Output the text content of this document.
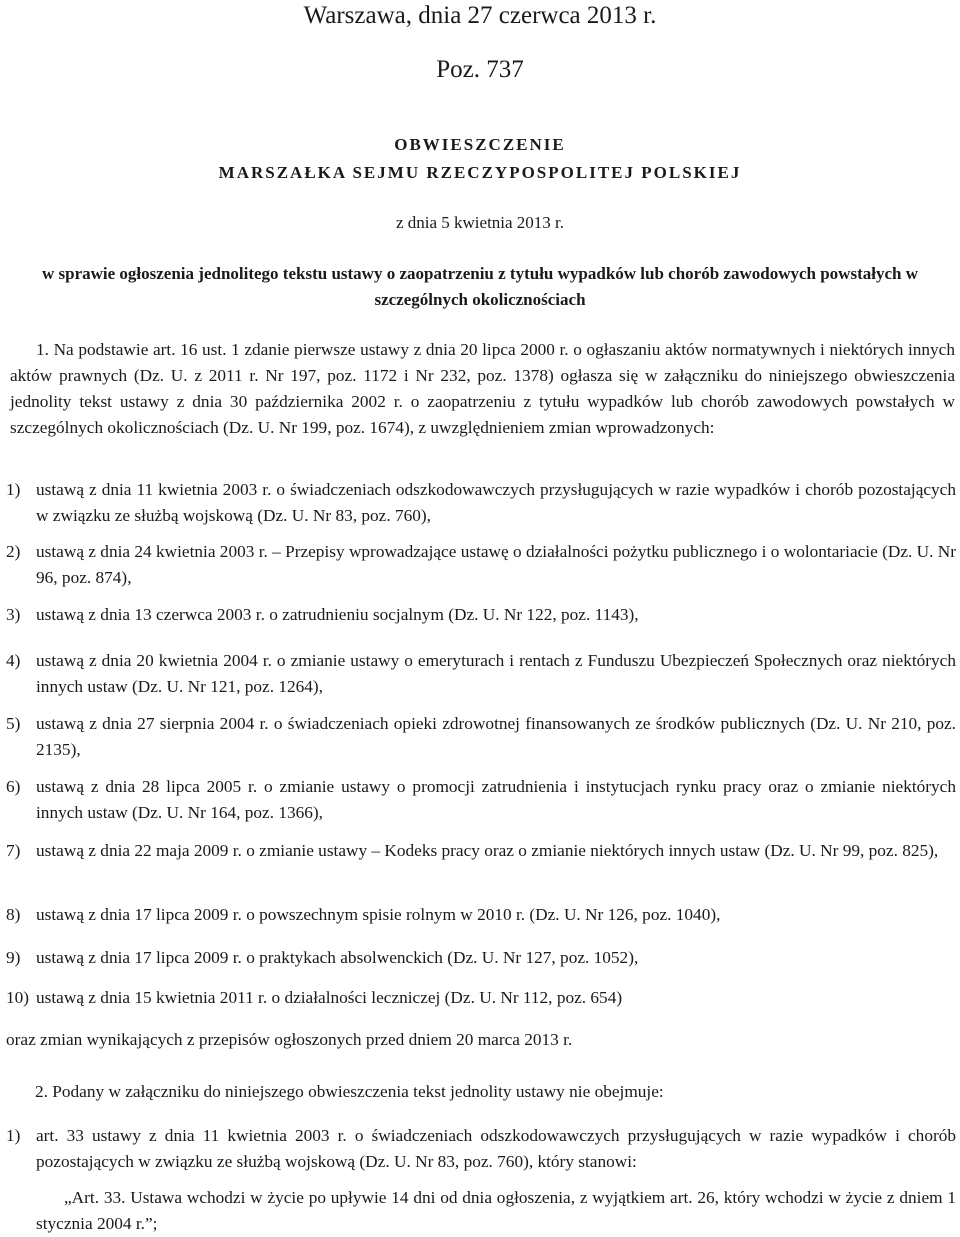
Warszawa, dnia 27 czerwca 2013 r.
Poz. 737
OBWIESZCZENIE
MARSZAŁKA SEJMU RZECZYPOSPOLITEJ POLSKIEJ
z dnia 5 kwietnia 2013 r.
w sprawie ogłoszenia jednolitego tekstu ustawy o zaopatrzeniu z tytułu wypadków lub chorób zawodowych powstałych w szczególnych okolicznościach
1. Na podstawie art. 16 ust. 1 zdanie pierwsze ustawy z dnia 20 lipca 2000 r. o ogłaszaniu aktów normatywnych i niektórych innych aktów prawnych (Dz. U. z 2011 r. Nr 197, poz. 1172 i Nr 232, poz. 1378) ogłasza się w załączniku do niniejszego obwieszczenia jednolity tekst ustawy z dnia 30 października 2002 r. o zaopatrzeniu z tytułu wypadków lub chorób zawodowych powstałych w szczególnych okolicznościach (Dz. U. Nr 199, poz. 1674), z uwzględnieniem zmian wprowadzonych:
1) ustawą z dnia 11 kwietnia 2003 r. o świadczeniach odszkodowawczych przysługujących w razie wypadków i chorób pozostających w związku ze służbą wojskową (Dz. U. Nr 83, poz. 760),
2) ustawą z dnia 24 kwietnia 2003 r. – Przepisy wprowadzające ustawę o działalności pożytku publicznego i o wolontariacie (Dz. U. Nr 96, poz. 874),
3) ustawą z dnia 13 czerwca 2003 r. o zatrudnieniu socjalnym (Dz. U. Nr 122, poz. 1143),
4) ustawą z dnia 20 kwietnia 2004 r. o zmianie ustawy o emeryturach i rentach z Funduszu Ubezpieczeń Społecznych oraz niektórych innych ustaw (Dz. U. Nr 121, poz. 1264),
5) ustawą z dnia 27 sierpnia 2004 r. o świadczeniach opieki zdrowotnej finansowanych ze środków publicznych (Dz. U. Nr 210, poz. 2135),
6) ustawą z dnia 28 lipca 2005 r. o zmianie ustawy o promocji zatrudnienia i instytucjach rynku pracy oraz o zmianie niektórych innych ustaw (Dz. U. Nr 164, poz. 1366),
7) ustawą z dnia 22 maja 2009 r. o zmianie ustawy – Kodeks pracy oraz o zmianie niektórych innych ustaw (Dz. U. Nr 99, poz. 825),
8) ustawą z dnia 17 lipca 2009 r. o powszechnym spisie rolnym w 2010 r. (Dz. U. Nr 126, poz. 1040),
9) ustawą z dnia 17 lipca 2009 r. o praktykach absolwenckich (Dz. U. Nr 127, poz. 1052),
10) ustawą z dnia 15 kwietnia 2011 r. o działalności leczniczej (Dz. U. Nr 112, poz. 654)
oraz zmian wynikających z przepisów ogłoszonych przed dniem 20 marca 2013 r.
2. Podany w załączniku do niniejszego obwieszczenia tekst jednolity ustawy nie obejmuje:
1) art. 33 ustawy z dnia 11 kwietnia 2003 r. o świadczeniach odszkodowawczych przysługujących w razie wypadków i chorób pozostających w związku ze służbą wojskową (Dz. U. Nr 83, poz. 760), który stanowi:
„Art. 33. Ustawa wchodzi w życie po upływie 14 dni od dnia ogłoszenia, z wyjątkiem art. 26, który wchodzi w życie z dniem 1 stycznia 2004 r.”;
